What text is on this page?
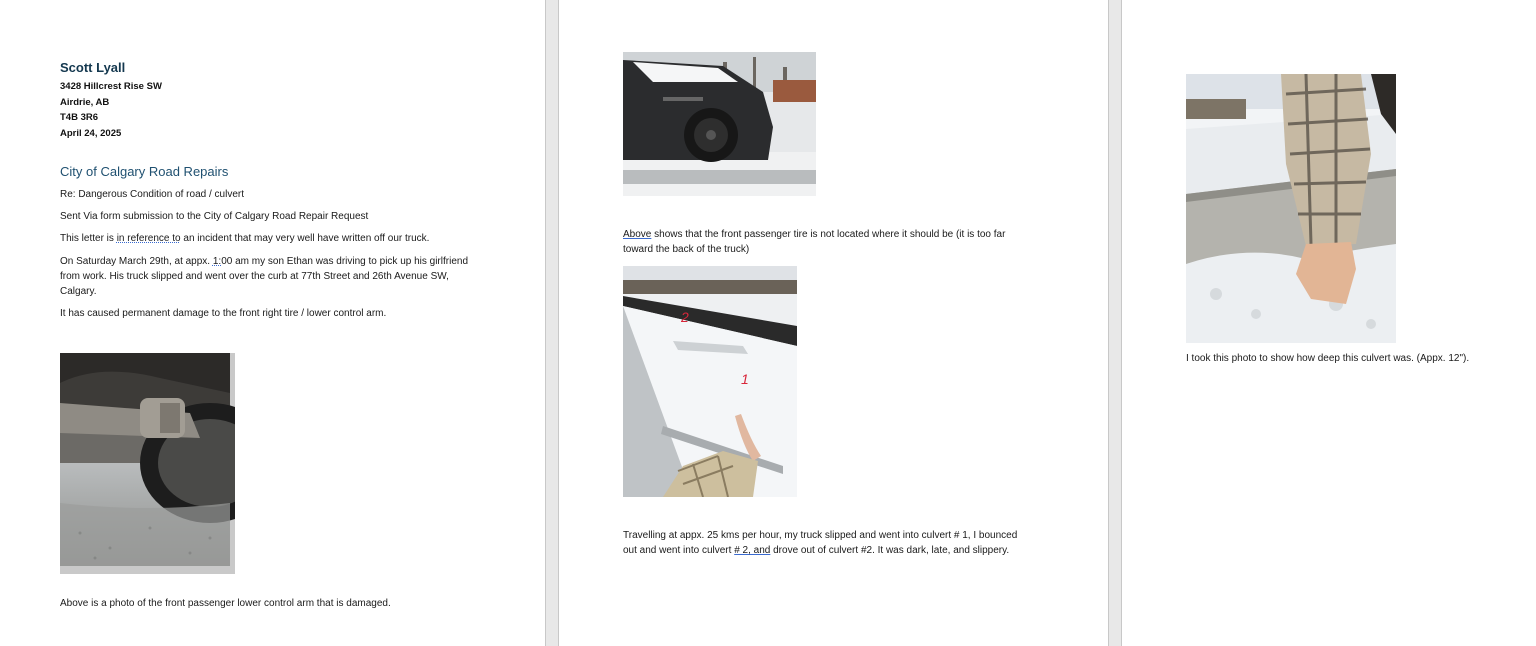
Scott Lyall
3428 Hillcrest Rise SW
Airdrie, AB
T4B 3R6
April 24, 2025
City of Calgary Road Repairs
Re: Dangerous Condition of road / culvert
Sent Via form submission to the City of Calgary Road Repair Request
This letter is in reference to an incident that may very well have written off our truck.
On Saturday March 29th, at appx. 1:00 am my son Ethan was driving to pick up his girlfriend
from work. His truck slipped and went over the curb at 77th Street and 26th Avenue SW,
Calgary.
It has caused permanent damage to the front right tire / lower control arm.
Above is a photo of the front passenger lower control arm that is damaged.
Above shows that the front passenger tire is not located where it should be (it is too far
toward the back of the truck)
2
1
Travelling at appx. 25 kms per hour, my truck slipped and went into culvert # 1, I bounced
out and went into culvert # 2, and drove out of culvert #2. It was dark, late, and slippery.
I took this photo to show how deep this culvert was. (Appx. 12").
